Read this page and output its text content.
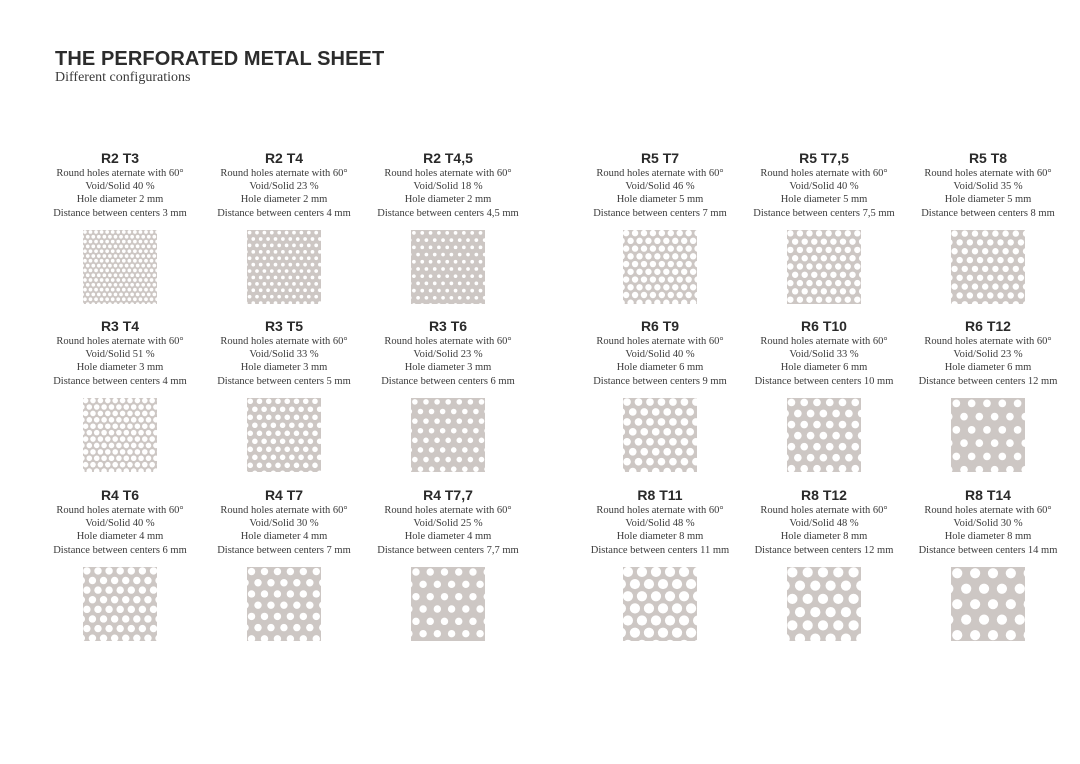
THE PERFORATED METAL SHEET

Different configurations

R2 T3
Round holes aternate with 60°
Void/Solid 40 %
Hole diameter 2 mm
Distance between centers 3 mm
R2 T4
Round holes aternate with 60°
Void/Solid 23 %
Hole diameter 2 mm
Distance between centers 4 mm
R2 T4,5
Round holes aternate with 60°
Void/Solid 18 %
Hole diameter 2 mm
Distance between centers 4,5 mm
R5 T7
Round holes aternate with 60°
Void/Solid 46 %
Hole diameter 5 mm
Distance between centers 7 mm
R5 T7,5
Round holes aternate with 60°
Void/Solid 40 %
Hole diameter 5 mm
Distance between centers 7,5 mm
R5 T8
Round holes aternate with 60°
Void/Solid 35 %
Hole diameter 5 mm
Distance between centers 8 mm
R3 T4
Round holes aternate with 60°
Void/Solid 51 %
Hole diameter 3 mm
Distance between centers 4 mm
R3 T5
Round holes aternate with 60°
Void/Solid 33 %
Hole diameter 3 mm
Distance between centers 5 mm
R3 T6
Round holes aternate with 60°
Void/Solid 23 %
Hole diameter 3 mm
Distance between centers 6 mm
R6 T9
Round holes aternate with 60°
Void/Solid 40 %
Hole diameter 6 mm
Distance between centers 9 mm
R6 T10
Round holes aternate with 60°
Void/Solid 33 %
Hole diameter 6 mm
Distance between centers 10 mm
R6 T12
Round holes aternate with 60°
Void/Solid 23 %
Hole diameter 6 mm
Distance between centers 12 mm
R4 T6
Round holes aternate with 60°
Void/Solid 40 %
Hole diameter 4 mm
Distance between centers 6 mm
R4 T7
Round holes aternate with 60°
Void/Solid 30 %
Hole diameter 4 mm
Distance between centers 7 mm
R4 T7,7
Round holes aternate with 60°
Void/Solid 25 %
Hole diameter 4 mm
Distance between centers 7,7 mm
R8 T11
Round holes aternate with 60°
Void/Solid 48 %
Hole diameter 8 mm
Distance between centers 11 mm
R8 T12
Round holes aternate with 60°
Void/Solid 48 %
Hole diameter 8 mm
Distance between centers 12 mm
R8 T14
Round holes aternate with 60°
Void/Solid 30 %
Hole diameter 8 mm
Distance between centers 14 mm
